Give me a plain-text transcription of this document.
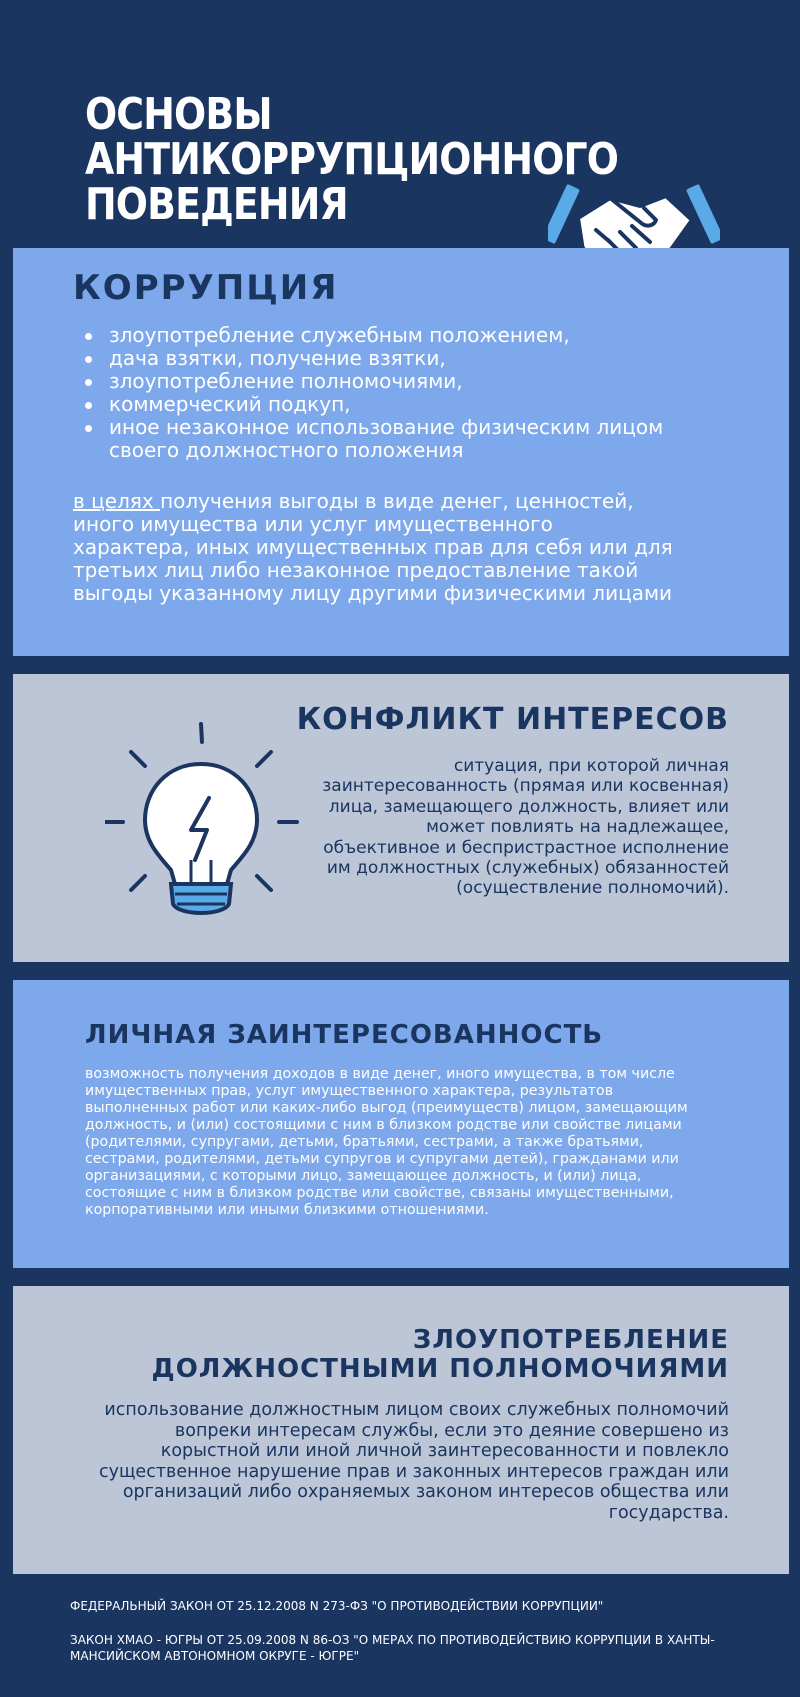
ОСНОВЫ
АНТИКОРРУПЦИОННОГО
ПОВЕДЕНИЯ
КОРРУПЦИЯ
злоупотребление служебным положением,
дача взятки, получение взятки,
злоупотребление полномочиями,
коммерческий подкуп,
иное незаконное использование физическим лицом своего должностного положения

в целях получения выгоды в виде денег, ценностей, иного имущества или услуг имущественного характера, иных имущественных прав для себя или для третьих лиц либо незаконное предоставление такой выгоды указанному лицу другими физическими лицами

КОНФЛИКТ ИНТЕРЕСОВ

ситуация, при которой личная заинтересованность (прямая или косвенная) лица, замещающего должность, влияет или может повлиять на надлежащее, объективное и беспристрастное исполнение им должностных (служебных) обязанностей (осуществление полномочий).

ЛИЧНАЯ ЗАИНТЕРЕСОВАННОСТЬ

возможность получения доходов в виде денег, иного имущества, в том числе имущественных прав, услуг имущественного характера, результатов выполненных работ или каких-либо выгод (преимуществ) лицом, замещающим должность, и (или) состоящими с ним в близком родстве или свойстве лицами (родителями, супругами, детьми, братьями, сестрами, а также братьями, сестрами, родителями, детьми супругов и супругами детей), гражданами или организациями, с которыми лицо, замещающее должность, и (или) лица, состоящие с ним в близком родстве или свойстве, связаны имущественными, корпоративными или иными близкими отношениями.

ЗЛОУПОТРЕБЛЕНИЕ
ДОЛЖНОСТНЫМИ ПОЛНОМОЧИЯМИ

использование должностным лицом своих служебных полномочий вопреки интересам службы, если это деяние совершено из корыстной или иной личной заинтересованности и повлекло существенное нарушение прав и законных интересов граждан или организаций либо охраняемых законом интересов общества или государства.

ФЕДЕРАЛЬНЫЙ ЗАКОН ОТ 25.12.2008 N 273-ФЗ "О ПРОТИВОДЕЙСТВИИ КОРРУПЦИИ"

ЗАКОН ХМАО - ЮГРЫ ОТ 25.09.2008 N 86-ОЗ "О МЕРАХ ПО ПРОТИВОДЕЙСТВИЮ КОРРУПЦИИ В ХАНТЫ-МАНСИЙСКОМ АВТОНОМНОМ ОКРУГЕ - ЮГРЕ"
